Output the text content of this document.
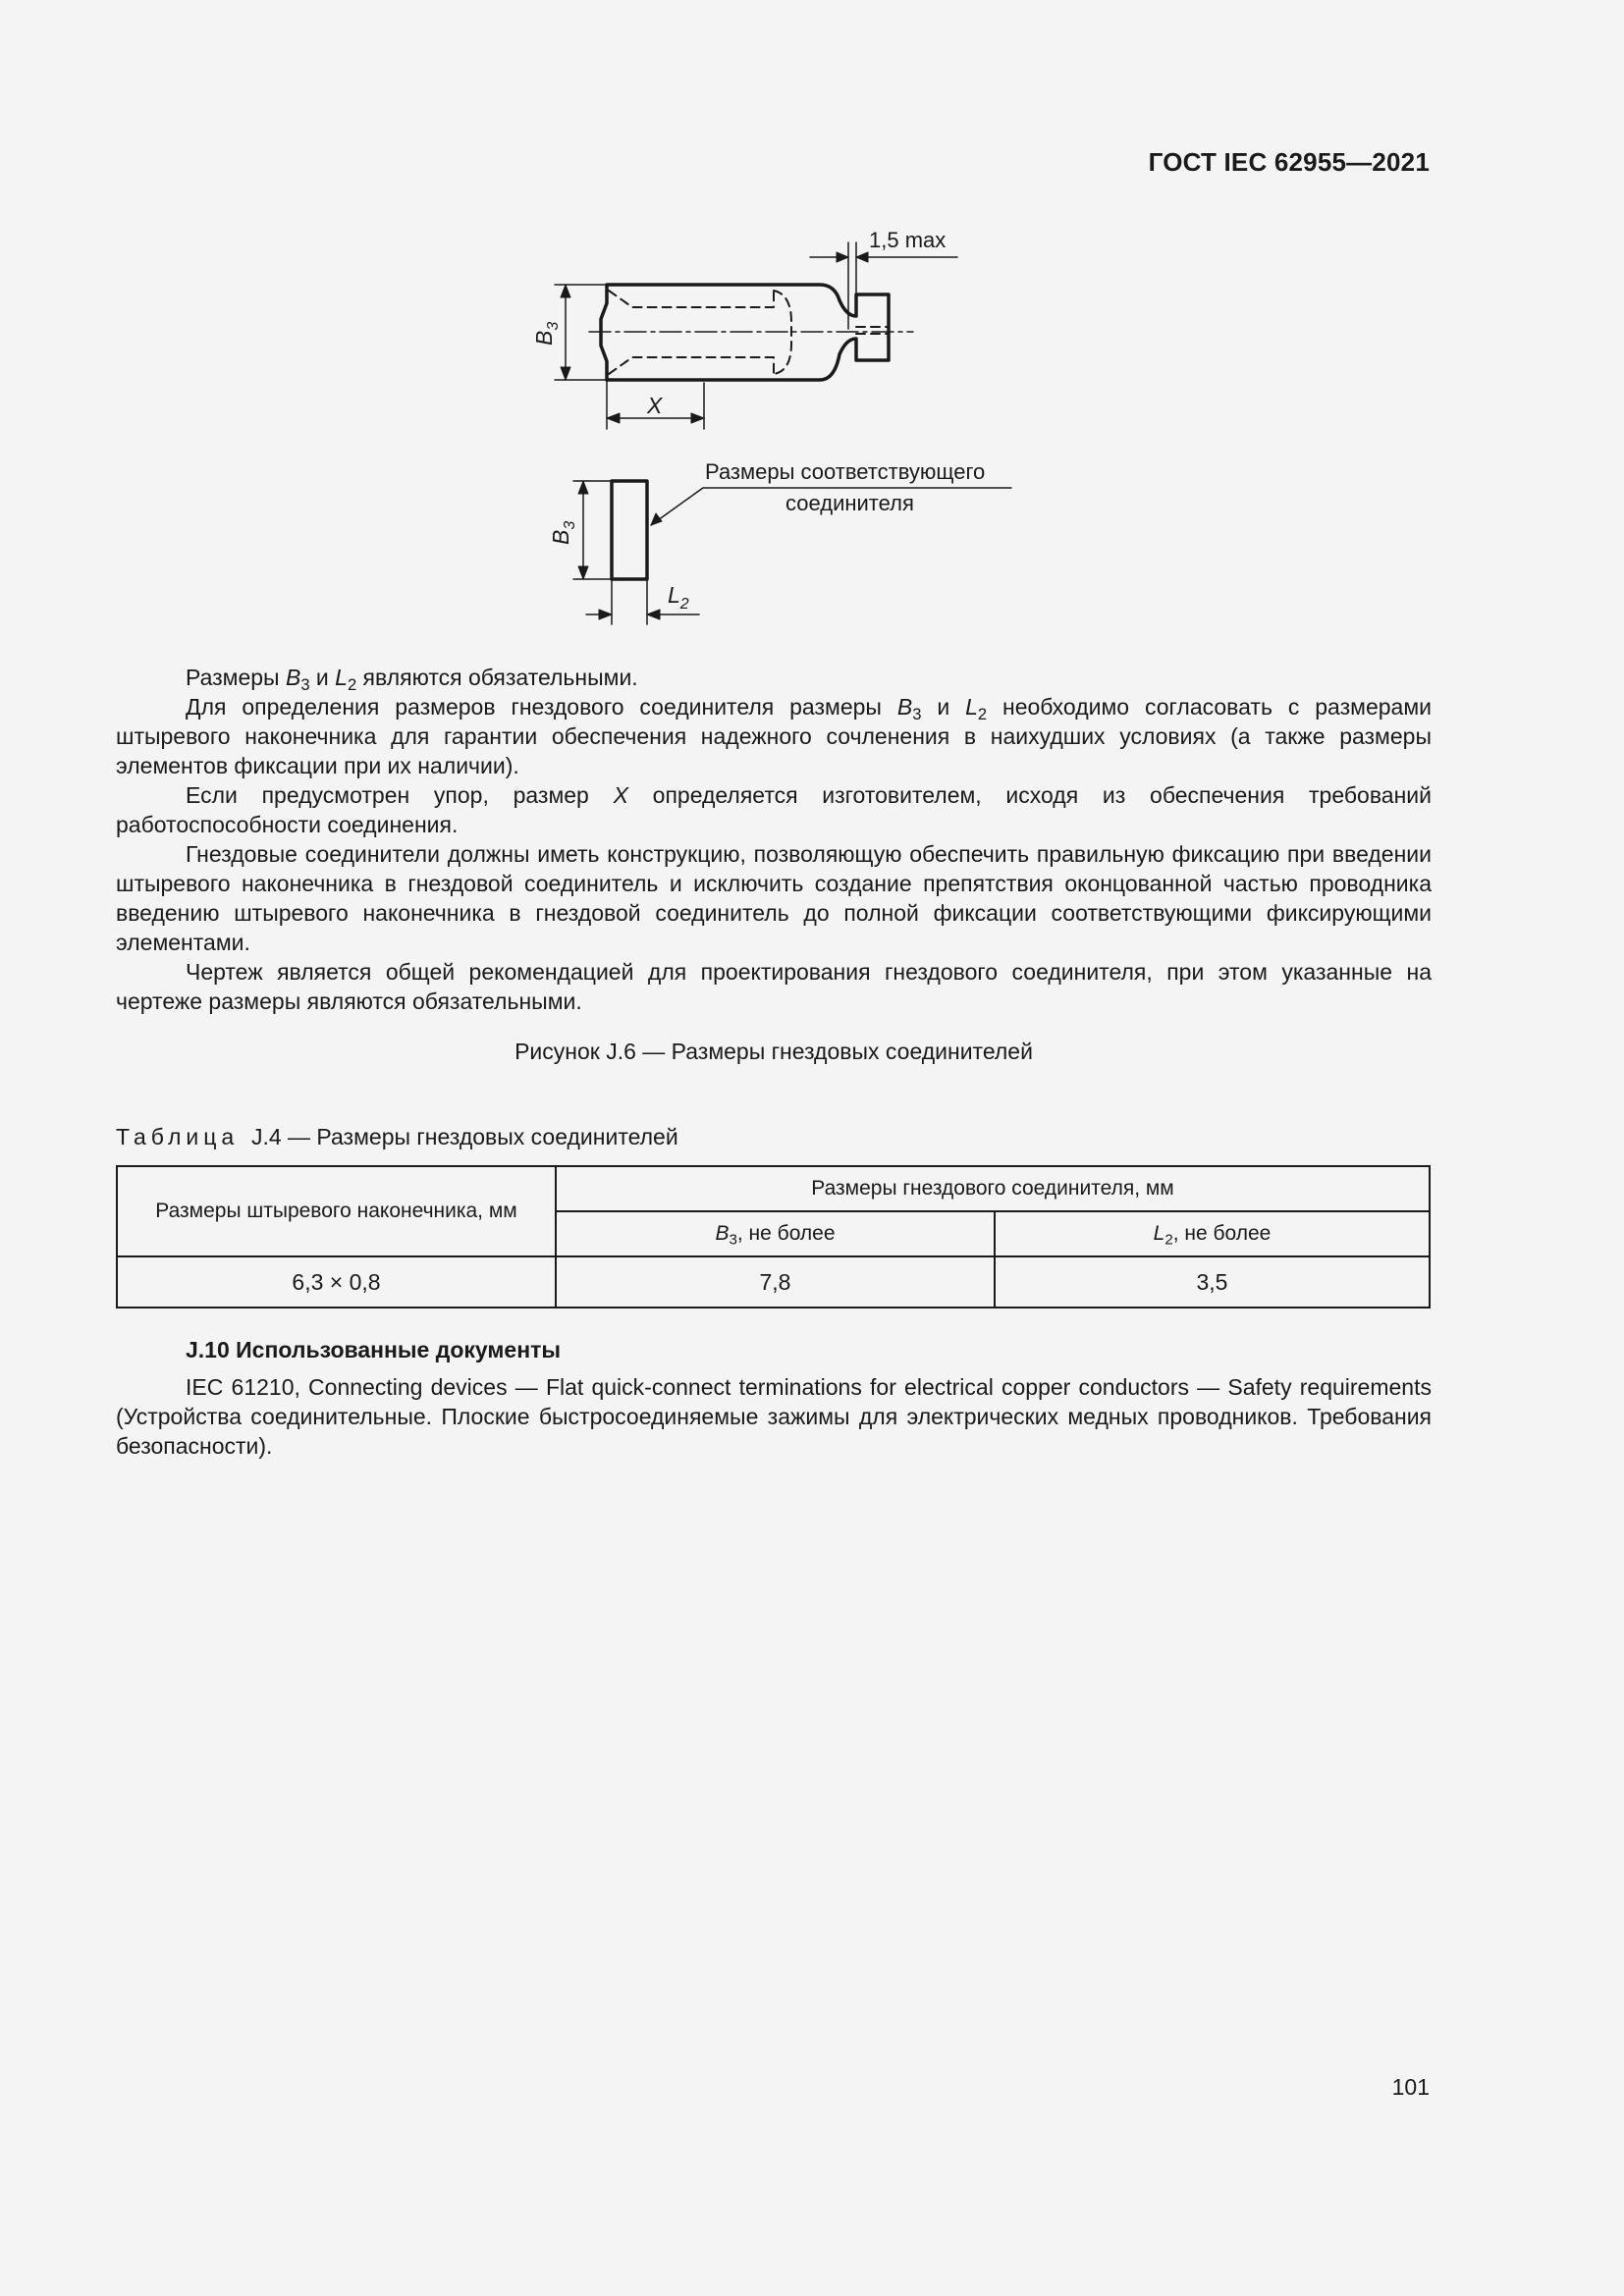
ГОСТ IEC 62955—2021
1,5 max
$B_3$
X
$B_3$
$L_2$
Размеры соответствующего
соединителя

Размеры $B_3$ и $L_2$ являются обязательными.

Для определения размеров гнездового соединителя размеры $B_3$ и $L_2$ необходимо согласовать с размерами штыревого наконечника для гарантии обеспечения надежного сочленения в наихудших условиях (а также размеры элементов фиксации при их наличии).

Если предусмотрен упор, размер X определяется изготовителем, исходя из обеспечения требований работоспособности соединения.

Гнездовые соединители должны иметь конструкцию, позволяющую обеспечить правильную фиксацию при введении штыревого наконечника в гнездовой соединитель и исключить создание препятствия оконцованной частью проводника введению штыревого наконечника в гнездовой соединитель до полной фиксации соответствующими фиксирующими элементами.

Чертеж является общей рекомендацией для проектирования гнездового соединителя, при этом указанные на чертеже размеры являются обязательными.

Рисунок J.6 — Размеры гнездовых соединителей
Таблица J.4 — Размеры гнездовых соединителей
Размеры штыревого наконечника, мм	Размеры гнездового соединителя, мм	
	$B_3$, не более	$L_2$, не более
6,3 × 0,8	7,8	3,5
J.10 Использованные документы

IEC 61210, Connecting devices — Flat quick-connect terminations for electrical copper conductors — Safety requirements (Устройства соединительные. Плоские быстросоединяемые зажимы для электрических медных проводников. Требования безопасности).

101
